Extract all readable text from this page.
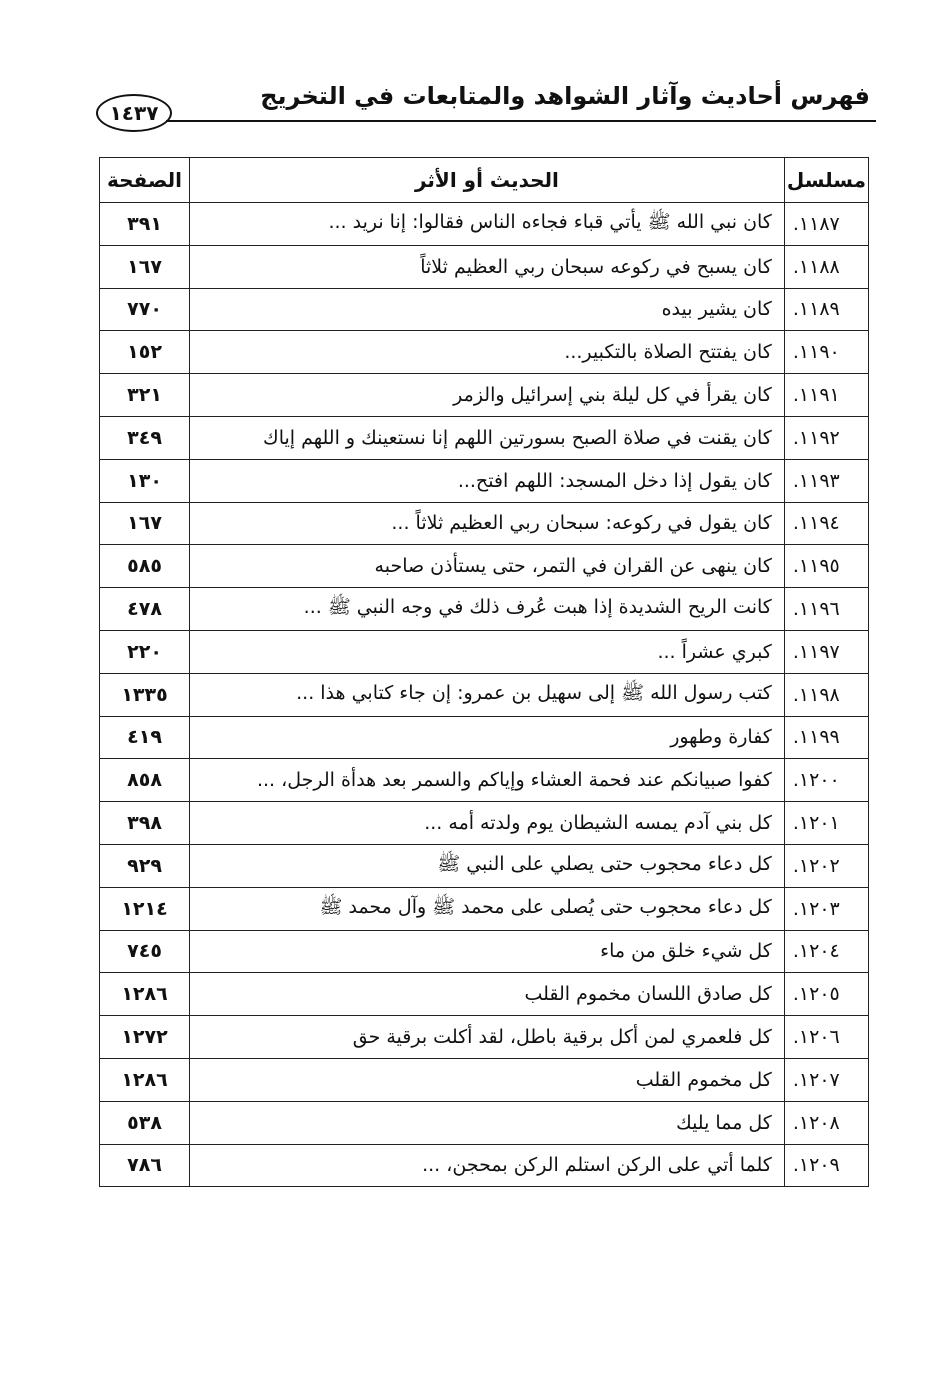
فهرس أحاديث وآثار الشواهد والمتابعات في التخريج
١٤٣٧
مسلسل	الحديث أو الأثر	الصفحة
١١٨٧.	كان نبي الله ﷺ يأتي قباء فجاءه الناس فقالوا: إنا نريد ...	٣٩١
١١٨٨.	كان يسبح في ركوعه سبحان ربي العظيم ثلاثاً	١٦٧
١١٨٩.	كان يشير بيده	٧٧٠
١١٩٠.	كان يفتتح الصلاة بالتكبير...	١٥٢
١١٩١.	كان يقرأ في كل ليلة بني إسرائيل والزمر	٣٢١
١١٩٢.	كان يقنت في صلاة الصبح بسورتين اللهم إنا نستعينك و اللهم إياك	٣٤٩
١١٩٣.	كان يقول إذا دخل المسجد: اللهم افتح...	١٣٠
١١٩٤.	كان يقول في ركوعه: سبحان ربي العظيم ثلاثاً ...	١٦٧
١١٩٥.	كان ينهى عن القران في التمر، حتى يستأذن صاحبه	٥٨٥
١١٩٦.	كانت الريح الشديدة إذا هبت عُرف ذلك في وجه النبي ﷺ ...	٤٧٨
١١٩٧.	كبري عشراً ...	٢٢٠
١١٩٨.	كتب رسول الله ﷺ إلى سهيل بن عمرو: إن جاء كتابي هذا ...	١٣٣٥
١١٩٩.	كفارة وطهور	٤١٩
١٢٠٠.	كفوا صبيانكم عند فحمة العشاء وإياكم والسمر بعد هدأة الرجل، ...	٨٥٨
١٢٠١.	كل بني آدم يمسه الشيطان يوم ولدته أمه ...	٣٩٨
١٢٠٢.	كل دعاء محجوب حتى يصلي على النبي ﷺ	٩٢٩
١٢٠٣.	كل دعاء محجوب حتى يُصلى على محمد ﷺ وآل محمد ﷺ	١٢١٤
١٢٠٤.	كل شيء خلق من ماء	٧٤٥
١٢٠٥.	كل صادق اللسان مخموم القلب	١٢٨٦
١٢٠٦.	كل فلعمري لمن أكل برقية باطل، لقد أكلت برقية حق	١٢٧٢
١٢٠٧.	كل مخموم القلب	١٢٨٦
١٢٠٨.	كل مما يليك	٥٣٨
١٢٠٩.	كلما أتي على الركن استلم الركن بمحجن، ...	٧٨٦
